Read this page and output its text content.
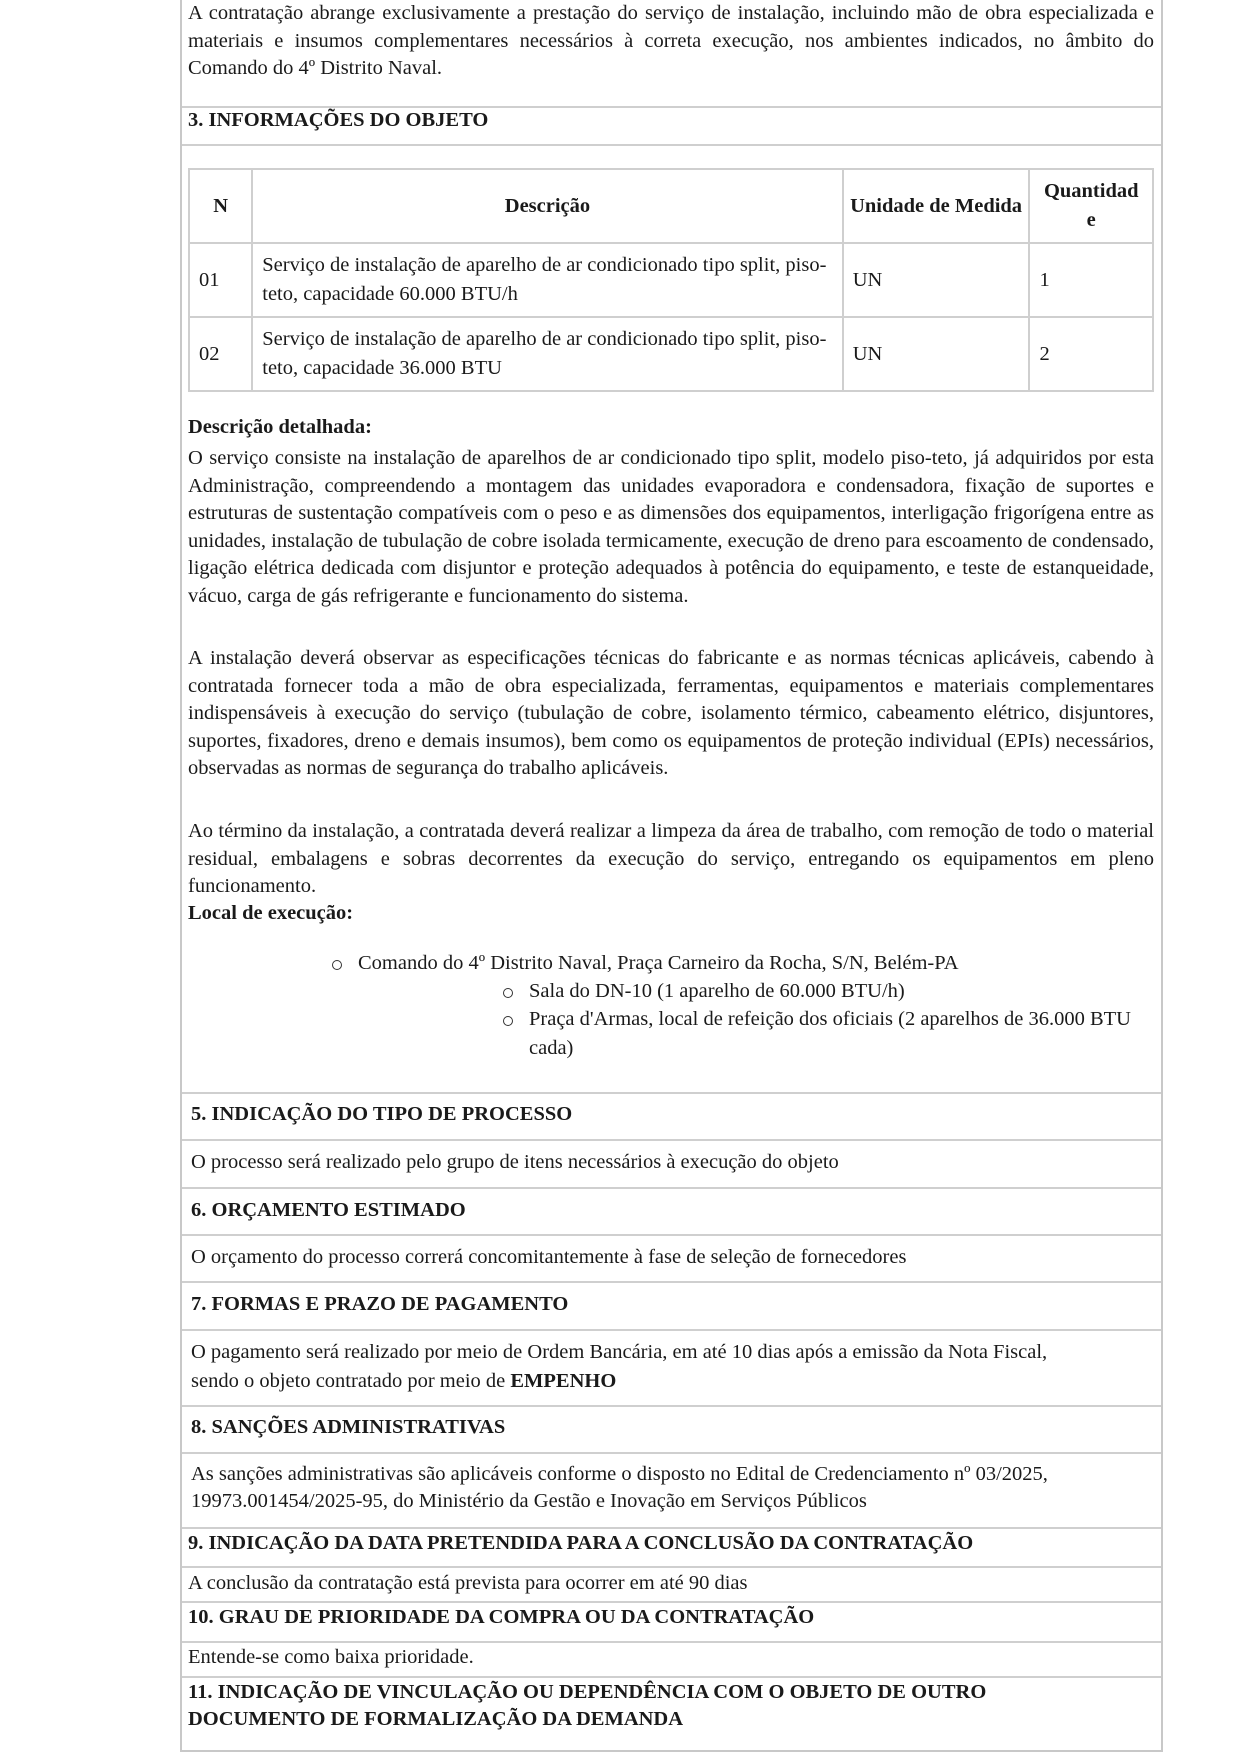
A contratação abrange exclusivamente a prestação do serviço de instalação, incluindo mão de obra especializada e materiais e insumos complementares necessários à correta execução, nos ambientes indicados, no âmbito do Comando do 4º Distrito Naval.

3. INFORMAÇÕES DO OBJETO
N	Descrição	Unidade de Medida	Quantidade
01	Serviço de instalação de aparelho de ar condicionado tipo split, piso-teto, capacidade 60.000 BTU/h	UN	1
02	Serviço de instalação de aparelho de ar condicionado tipo split, piso-teto, capacidade 36.000 BTU	UN	2
Descrição detalhada:

O serviço consiste na instalação de aparelhos de ar condicionado tipo split, modelo piso-teto, já adquiridos por esta Administração, compreendendo a montagem das unidades evaporadora e condensadora, fixação de suportes e estruturas de sustentação compatíveis com o peso e as dimensões dos equipamentos, interligação frigorígena entre as unidades, instalação de tubulação de cobre isolada termicamente, execução de dreno para escoamento de condensado, ligação elétrica dedicada com disjuntor e proteção adequados à potência do equipamento, e teste de estanqueidade, vácuo, carga de gás refrigerante e funcionamento do sistema.

A instalação deverá observar as especificações técnicas do fabricante e as normas técnicas aplicáveis, cabendo à contratada fornecer toda a mão de obra especializada, ferramentas, equipamentos e materiais complementares indispensáveis à execução do serviço (tubulação de cobre, isolamento térmico, cabeamento elétrico, disjuntores, suportes, fixadores, dreno e demais insumos), bem como os equipamentos de proteção individual (EPIs) necessários, observadas as normas de segurança do trabalho aplicáveis.

Ao término da instalação, a contratada deverá realizar a limpeza da área de trabalho, com remoção de todo o material residual, embalagens e sobras decorrentes da execução do serviço, entregando os equipamentos em pleno funcionamento.

Local de execução:
Comando do 4º Distrito Naval, Praça Carneiro da Rocha, S/N, Belém-PA
Sala do DN-10 (1 aparelho de 60.000 BTU/h)
Praça d'Armas, local de refeição dos oficiais (2 aparelhos de 36.000 BTU cada)
5. INDICAÇÃO DO TIPO DE PROCESSO
O processo será realizado pelo grupo de itens necessários à execução do objeto
6. ORÇAMENTO ESTIMADO
O orçamento do processo correrá concomitantemente à fase de seleção de fornecedores
7. FORMAS E PRAZO DE PAGAMENTO
O pagamento será realizado por meio de Ordem Bancária, em até 10 dias após a emissão da Nota Fiscal, sendo o objeto contratado por meio de EMPENHO
8. SANÇÕES ADMINISTRATIVAS
As sanções administrativas são aplicáveis conforme o disposto no Edital de Credenciamento nº 03/2025, 19973.001454/2025-95, do Ministério da Gestão e Inovação em Serviços Públicos
9. INDICAÇÃO DA DATA PRETENDIDA PARA A CONCLUSÃO DA CONTRATAÇÃO
A conclusão da contratação está prevista para ocorrer em até 90 dias
10. GRAU DE PRIORIDADE DA COMPRA OU DA CONTRATAÇÃO
Entende-se como baixa prioridade.
11. INDICAÇÃO DE VINCULAÇÃO OU DEPENDÊNCIA COM O OBJETO DE OUTRO DOCUMENTO DE FORMALIZAÇÃO DA DEMANDA
